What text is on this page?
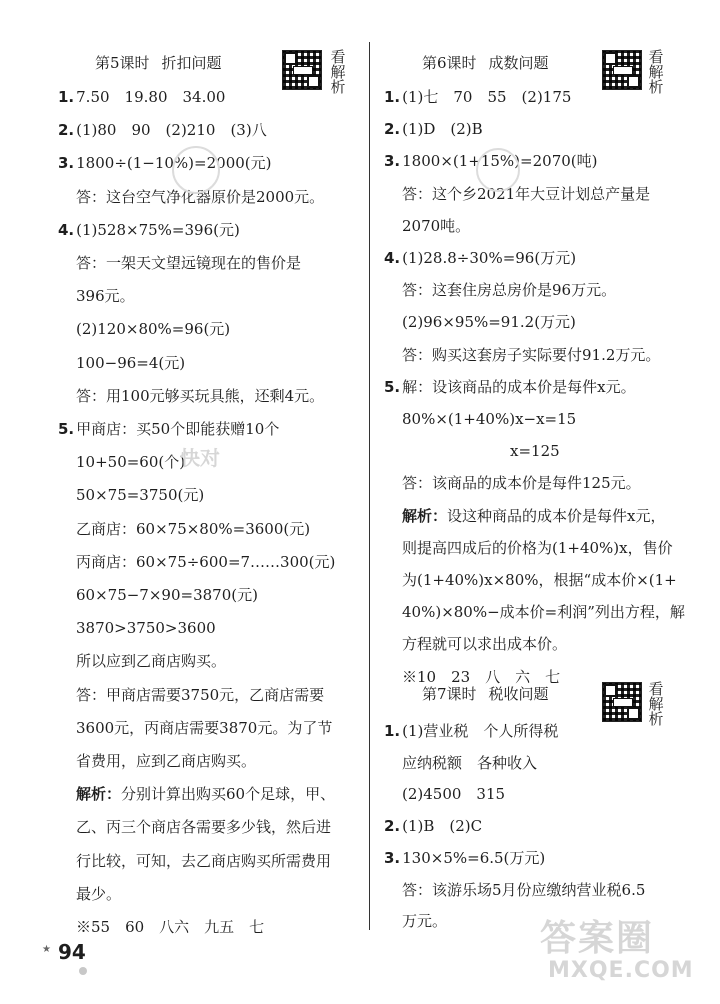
第5课时 折扣问题	看
解
析
1. 7.50　19.80　34.00
2. (1)80　90　(2)210　(3)八
3. 1800÷(1−10%)=2000(元)
答：这台空气净化器原价是2000元。
4. (1)528×75%=396(元)
答：一架天文望远镜现在的售价是
396元。
(2)120×80%=96(元)
100−96=4(元)
答：用100元够买玩具熊，还剩4元。
5. 甲商店：买50个即能获赠10个
10+50=60(个)
50×75=3750(元)
乙商店：60×75×80%=3600(元)
丙商店：60×75÷600=7……300(元)
60×75−7×90=3870(元)
3870>3750>3600
所以应到乙商店购买。
答：甲商店需要3750元，乙商店需要
3600元，丙商店需要3870元。为了节
省费用，应到乙商店购买。
解析：分别计算出购买60个足球，甲、
乙、丙三个商店各需要多少钱，然后进
行比较，可知，去乙商店购买所需费用
最少。
※55　60　八六　九五　七
第6课时 成数问题	看
解
析
1. (1)七　70　55　(2)175
2. (1)D　(2)B
3. 1800×(1+15%)=2070(吨)
答：这个乡2021年大豆计划总产量是
2070吨。
4. (1)28.8÷30%=96(万元)
答：这套住房总房价是96万元。
(2)96×95%=91.2(万元)
答：购买这套房子实际要付91.2万元。
5. 解：设该商品的成本价是每件x元。
80%×(1+40%)x−x=15
x=125
答：该商品的成本价是每件125元。
解析：设这种商品的成本价是每件x元，
则提高四成后的价格为(1+40%)x，售价
为(1+40%)x×80%，根据“成本价×(1+
40%)×80%−成本价=利润”列出方程，解
方程就可以求出成本价。
※10　23　八　六　七
第7课时 税收问题	看
解
析
1. (1)营业税　个人所得税
应纳税额　各种收入
(2)4500　315
2. (1)B　(2)C
3. 130×5%=6.5(万元)
答：该游乐场5月份应缴纳营业税6.5
万元。
★ 94
快对
答案圈
MXQE.COM
